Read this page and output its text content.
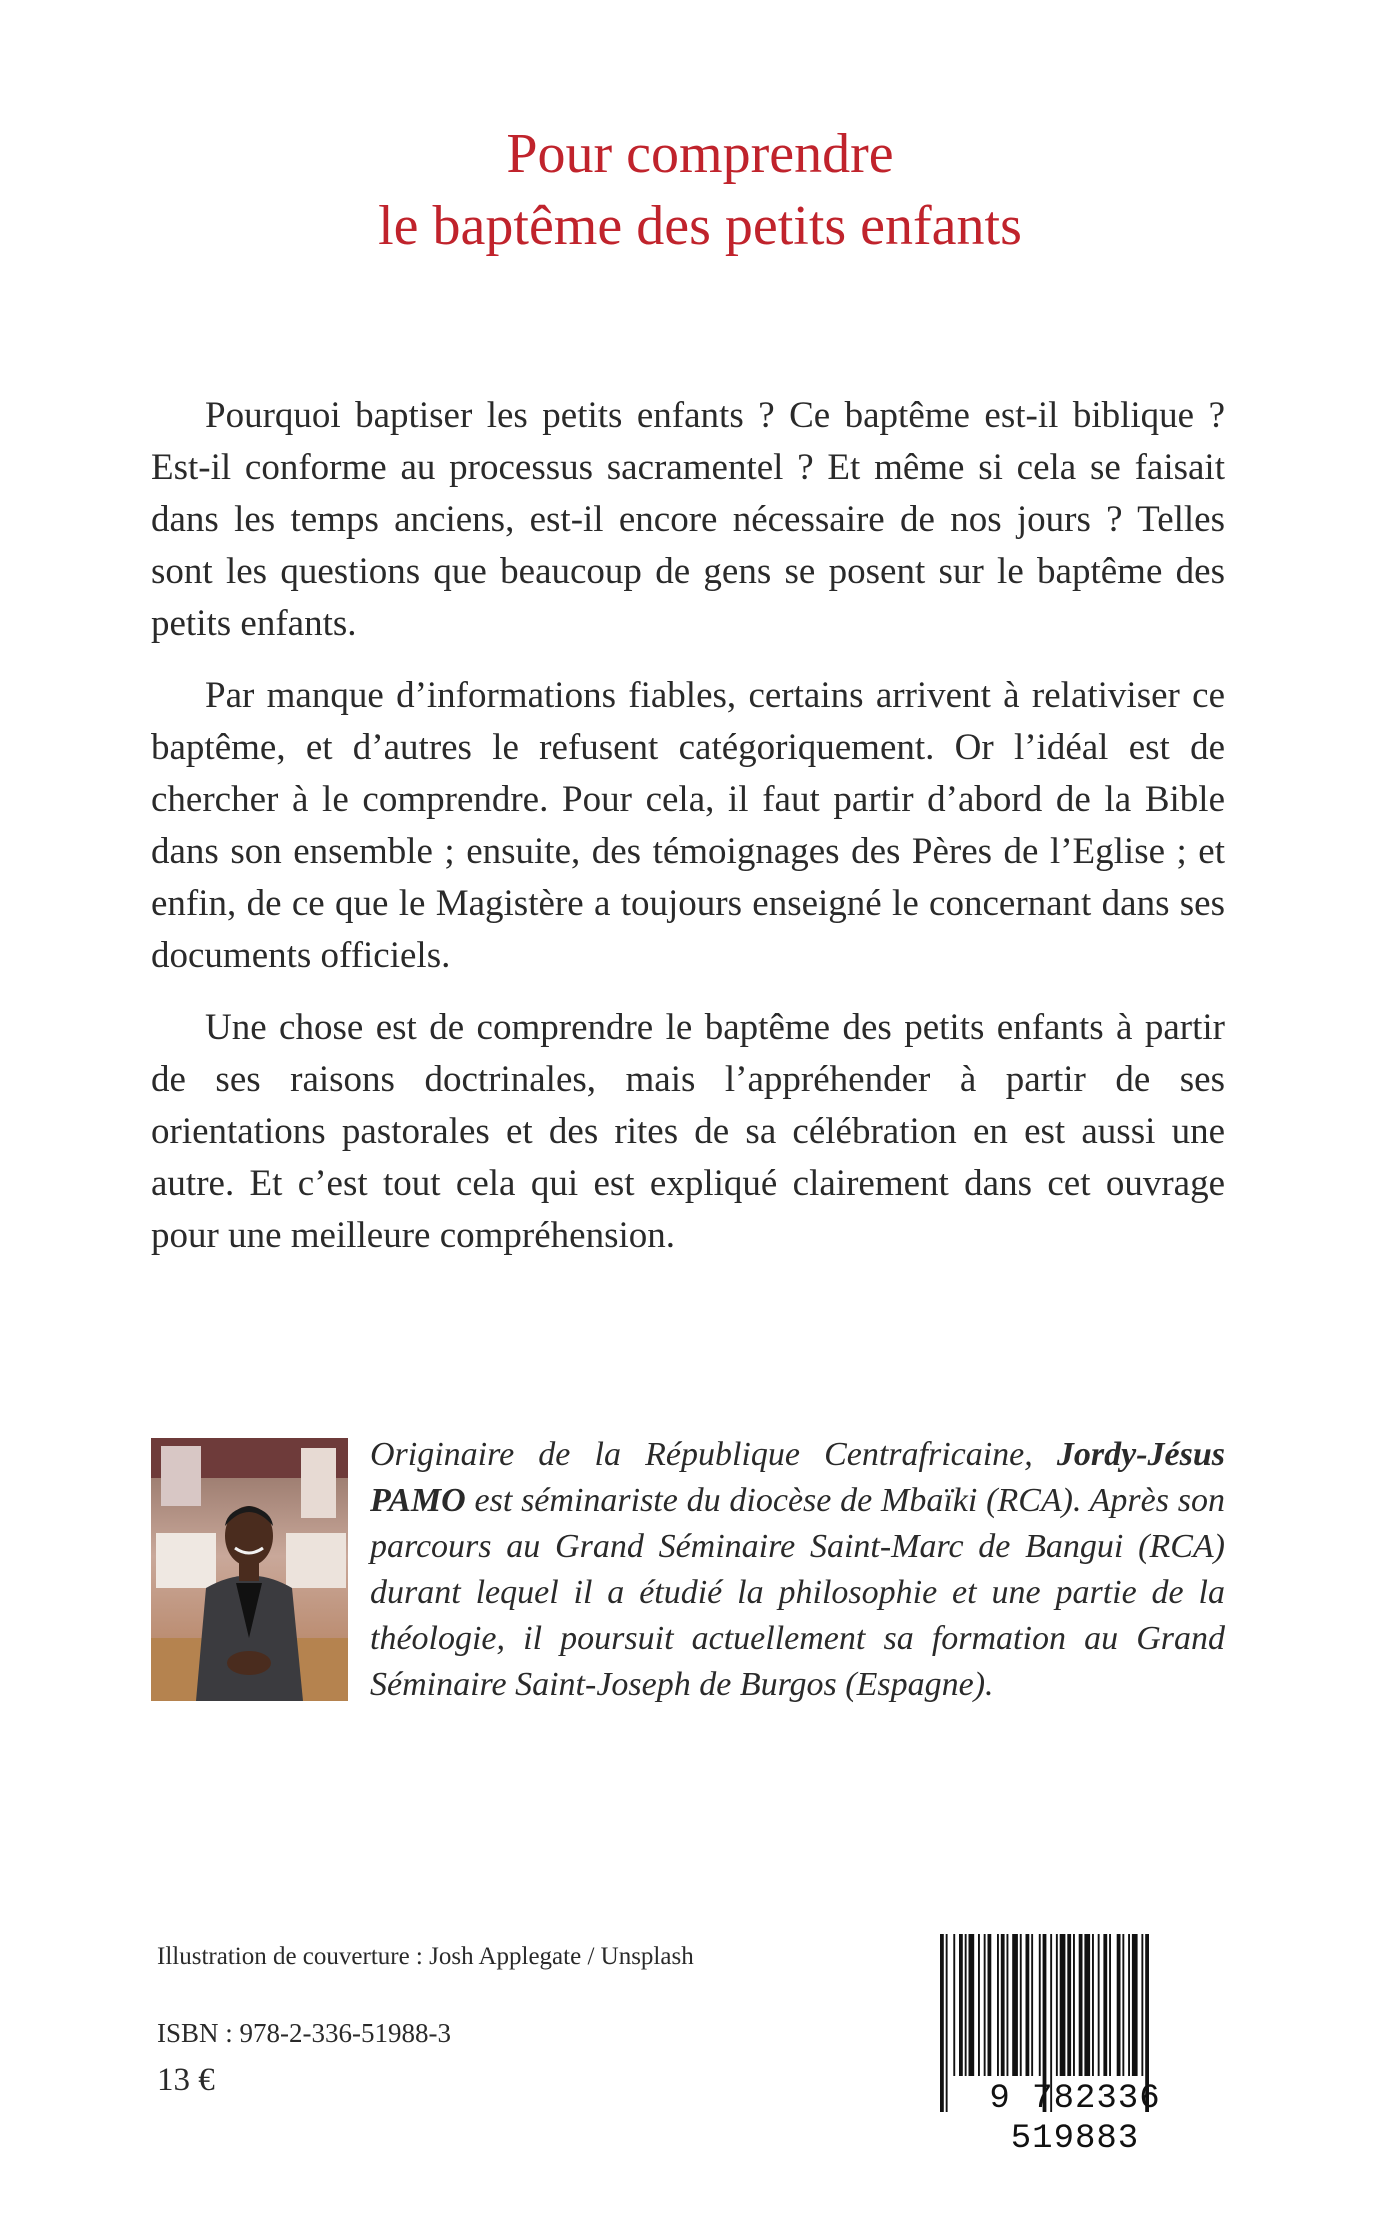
Pour comprendre
le baptême des petits enfants

Pourquoi baptiser les petits enfants ? Ce baptême est-il biblique ? Est-il conforme au processus sacramentel ? Et même si cela se faisait dans les temps anciens, est-il encore nécessaire de nos jours ? Telles sont les questions que beaucoup de gens se posent sur le baptême des petits enfants.

Par manque d’informations fiables, certains arrivent à relativiser ce baptême, et d’autres le refusent catégoriquement. Or l’idéal est de chercher à le comprendre. Pour cela, il faut partir d’abord de la Bible dans son ensemble ; ensuite, des témoignages des Pères de l’Eglise ; et enfin, de ce que le Magistère a toujours enseigné le concernant dans ses documents officiels.

Une chose est de comprendre le baptême des petits enfants à partir de ses raisons doctrinales, mais l’appréhender à partir de ses orientations pastorales et des rites de sa célébration en est aussi une autre. Et c’est tout cela qui est expliqué clairement dans cet ouvrage pour une meilleure compréhension.

Originaire de la République Centrafricaine, Jordy-Jésus PAMO est séminariste du diocèse de Mbaïki (RCA). Après son parcours au Grand Séminaire Saint-Marc de Bangui (RCA) durant lequel il a étudié la philosophie et une partie de la théologie, il poursuit actuellement sa formation au Grand Séminaire Saint-Joseph de Burgos (Espagne).
Illustration de couverture : Josh Applegate / Unsplash
ISBN : 978-2-336-51988-3
13 €	9 782336 519883
